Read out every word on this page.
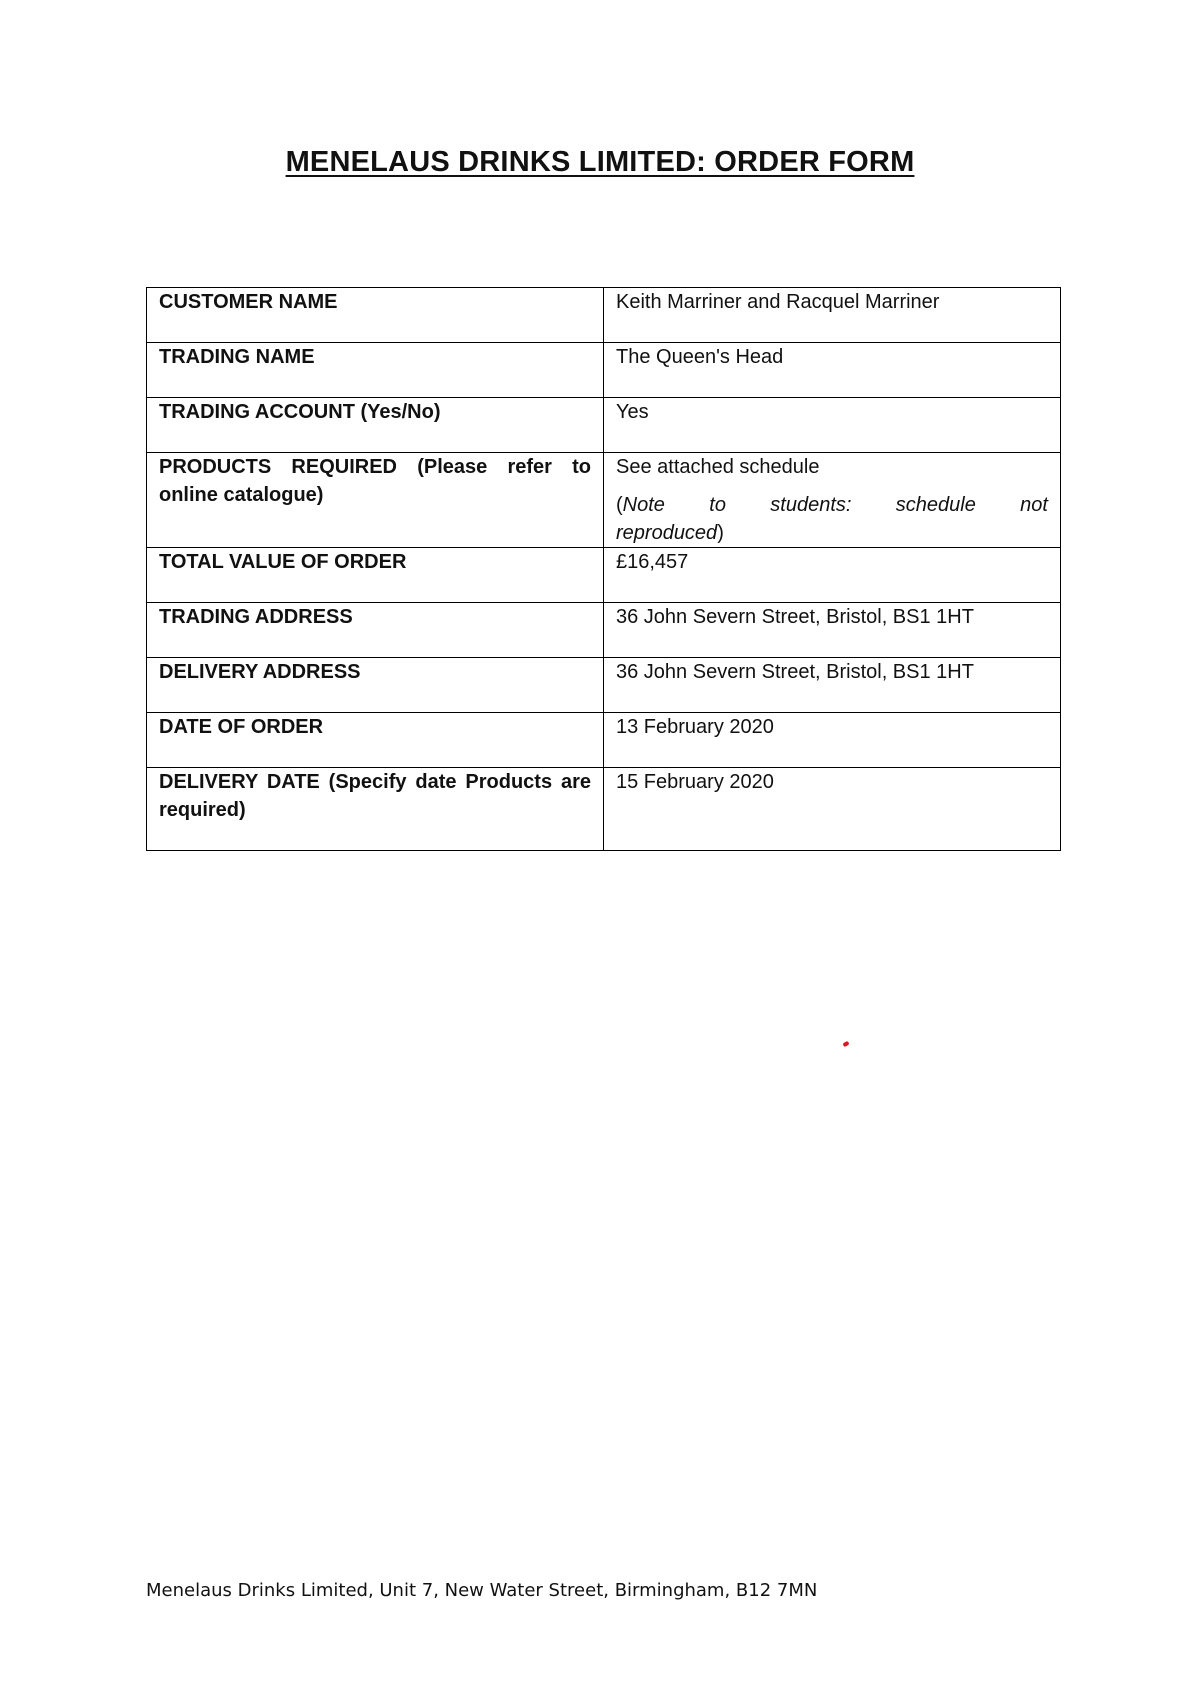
MENELAUS DRINKS LIMITED: ORDER FORM
CUSTOMER NAME	Keith Marriner and Racquel Marriner
TRADING NAME	The Queen's Head
TRADING ACCOUNT (Yes/No)	Yes
PRODUCTS REQUIRED (Please refer to online catalogue)	See attached schedule
(Note to students: schedule not
reproduced)

TOTAL VALUE OF ORDER	£16,457
TRADING ADDRESS	36 John Severn Street, Bristol, BS1 1HT
DELIVERY ADDRESS	36 John Severn Street, Bristol, BS1 1HT
DATE OF ORDER	13 February 2020
DELIVERY DATE (Specify date Products are required)	15 February 2020

Menelaus Drinks Limited, Unit 7, New Water Street, Birmingham, B12 7MN
